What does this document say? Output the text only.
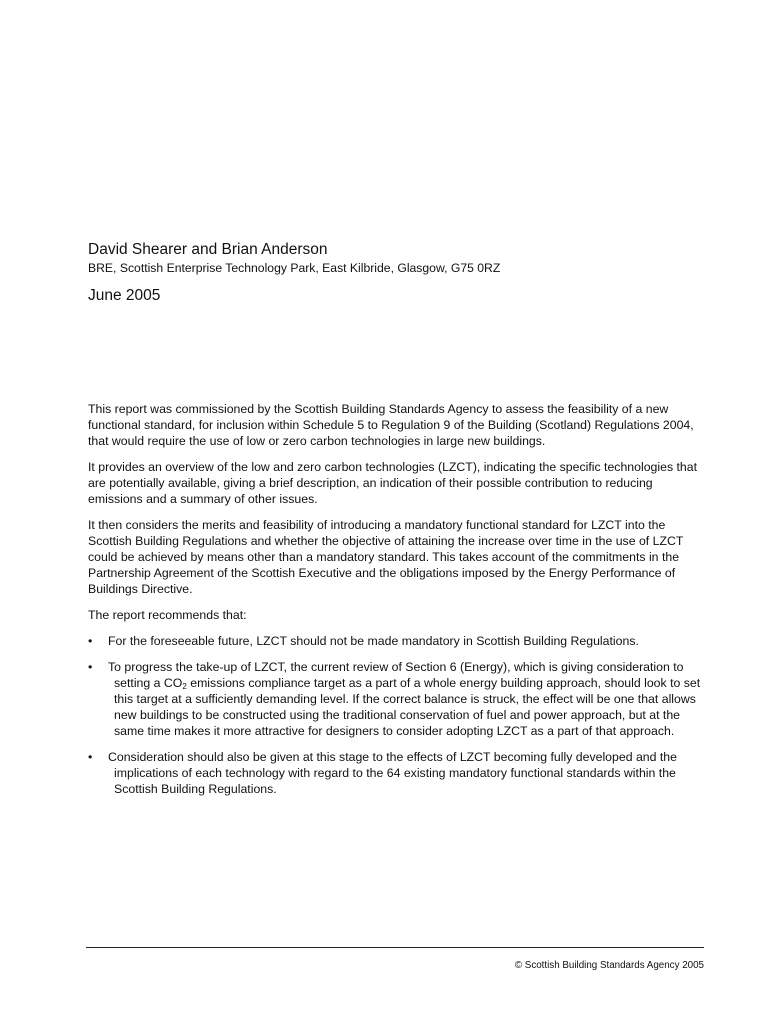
David Shearer and Brian Anderson
BRE, Scottish Enterprise Technology Park, East Kilbride, Glasgow, G75 0RZ
June 2005

This report was commissioned by the Scottish Building Standards Agency to assess the feasibility of a new functional standard, for inclusion within Schedule 5 to Regulation 9 of the Building (Scotland) Regulations 2004, that would require the use of low or zero carbon technologies in large new buildings.

It provides an overview of the low and zero carbon technologies (LZCT), indicating the specific technologies that are potentially available, giving a brief description, an indication of their possible contribution to reducing emissions and a summary of other issues.

It then considers the merits and feasibility of introducing a mandatory functional standard for LZCT into the Scottish Building Regulations and whether the objective of attaining the increase over time in the use of LZCT could be achieved by means other than a mandatory standard. This takes account of the commitments in the Partnership Agreement of the Scottish Executive and the obligations imposed by the Energy Performance of Buildings Directive.

The report recommends that:

• For the foreseeable future, LZCT should not be made mandatory in Scottish Building Regulations.
• To progress the take-up of LZCT, the current review of Section 6 (Energy), which is giving consideration to setting a $CO_2$ emissions compliance target as a part of a whole energy building approach, should look to set this target at a sufficiently demanding level. If the correct balance is struck, the effect will be one that allows new buildings to be constructed using the traditional conservation of fuel and power approach, but at the same time makes it more attractive for designers to consider adopting LZCT as a part of that approach.
• Consideration should also be given at this stage to the effects of LZCT becoming fully developed and the implications of each technology with regard to the 64 existing mandatory functional standards within the Scottish Building Regulations.
© Scottish Building Standards Agency 2005
